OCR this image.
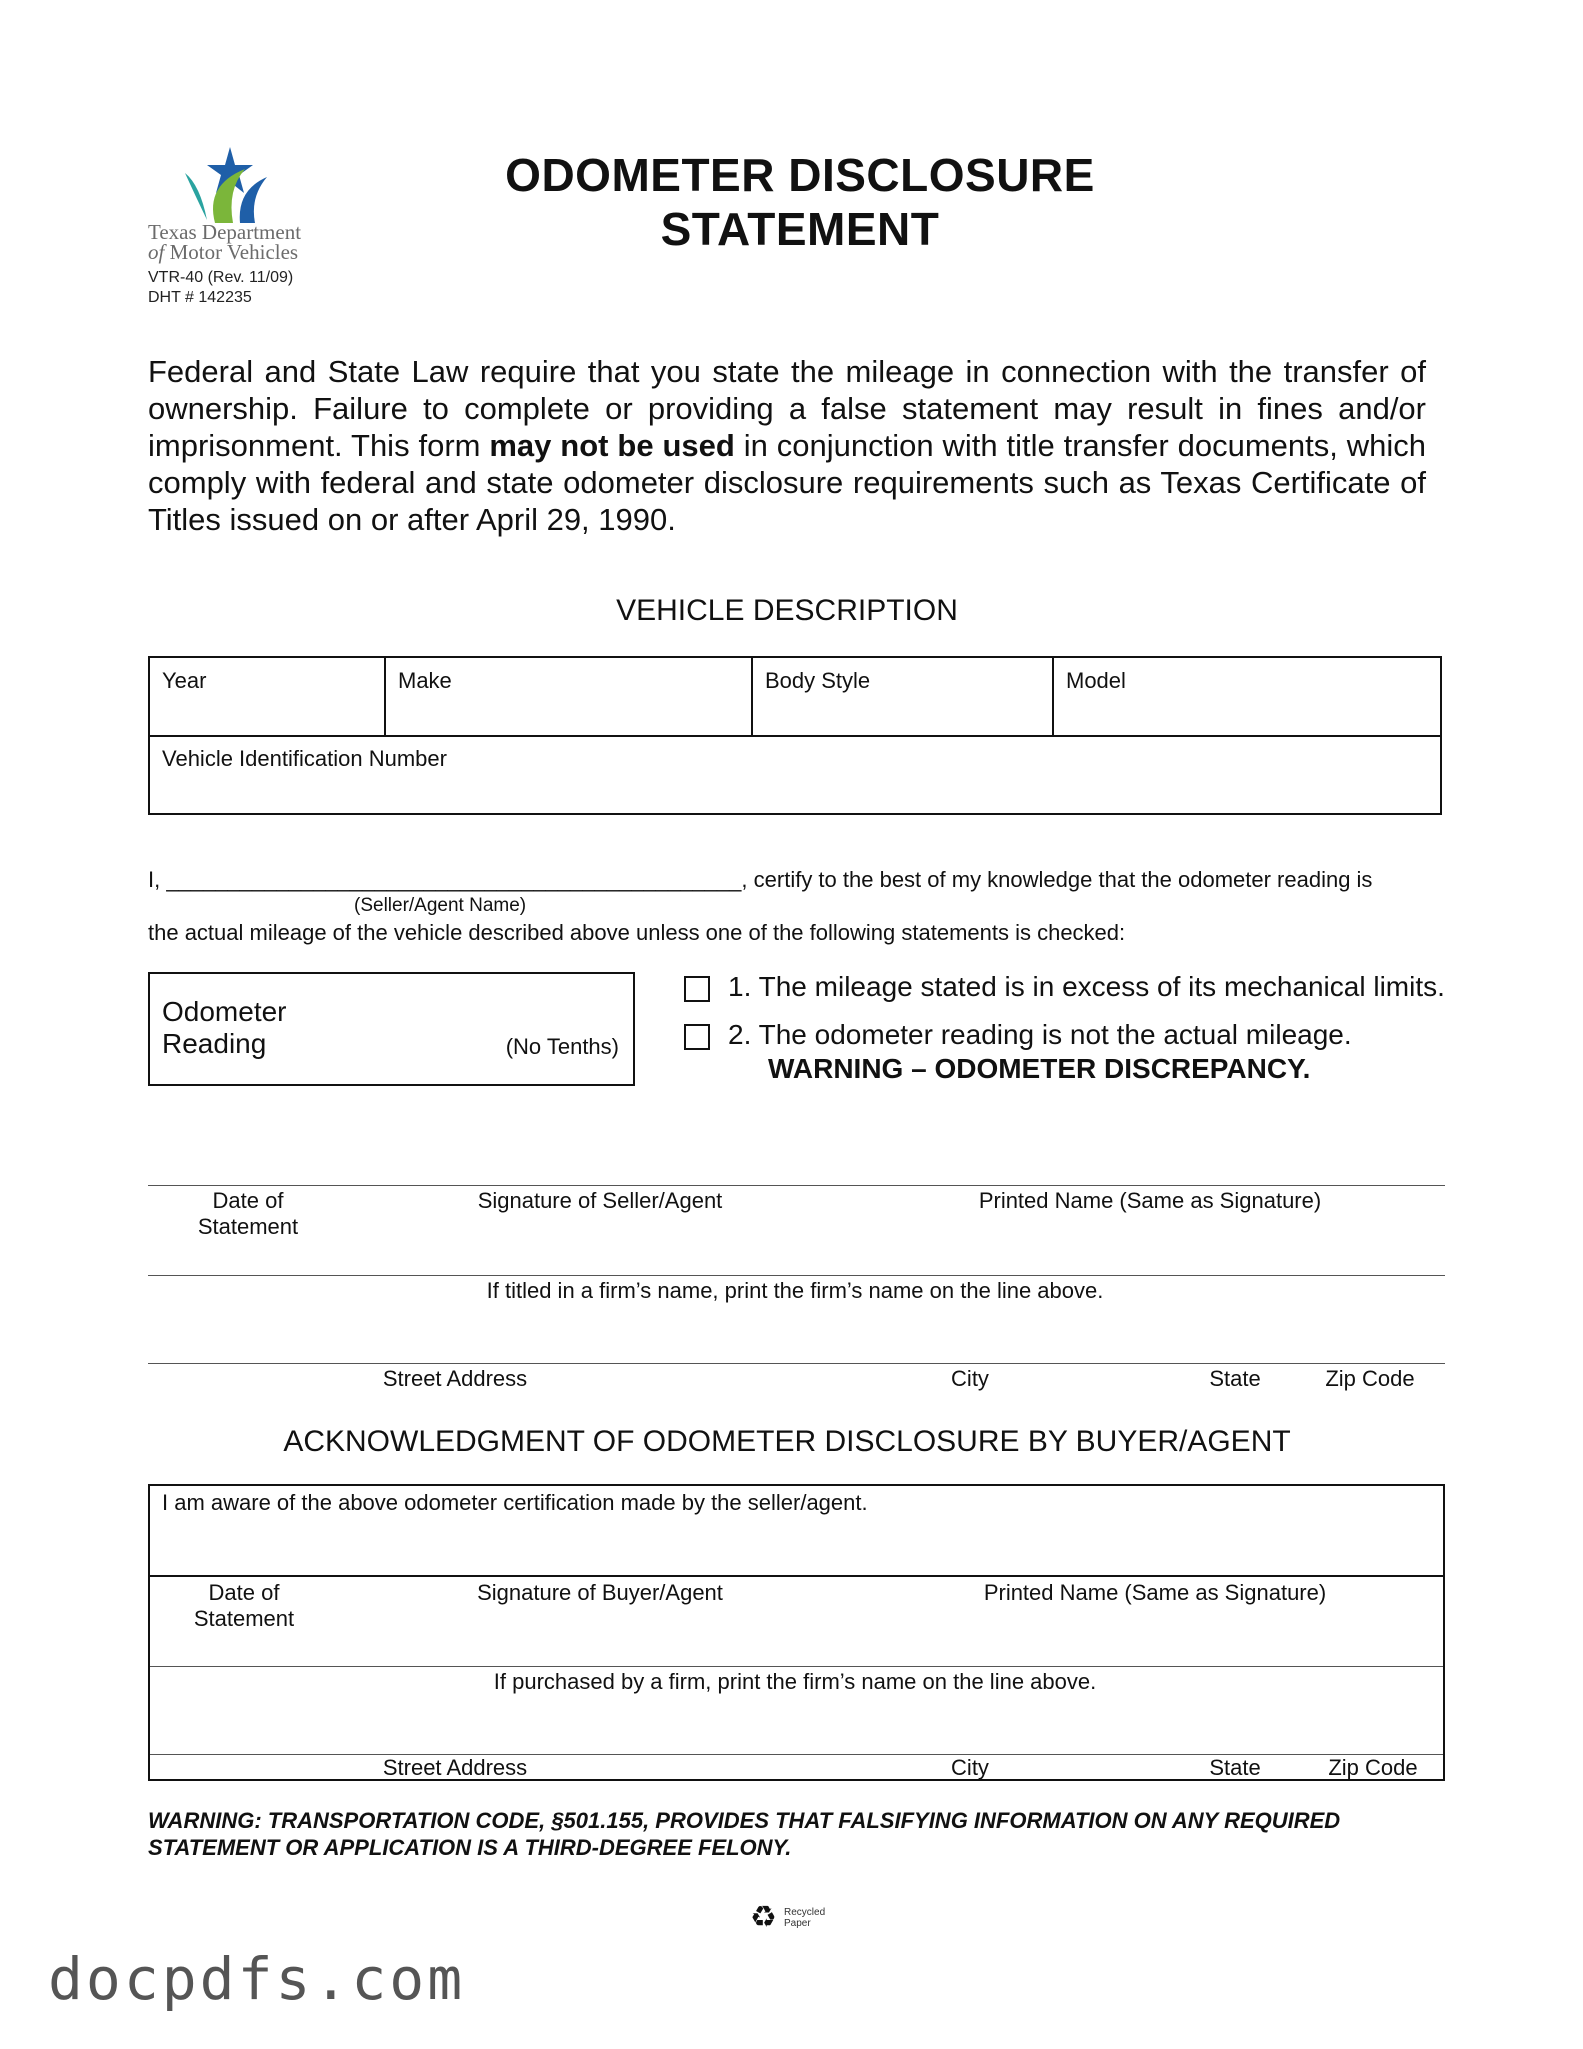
Texas Department
of Motor Vehicles
VTR-40 (Rev. 11/09)
DHT # 142235
ODOMETER DISCLOSURE
STATEMENT
Federal and State Law require that you state the mileage in connection with the transfer of ownership. Failure to complete or providing a false statement may result in fines and/or imprisonment. This form may not be used in conjunction with title transfer documents, which comply with federal and state odometer disclosure requirements such as Texas Certificate of Titles issued on or after April 29, 1990.
VEHICLE DESCRIPTION
Year	Make	Body Style	Model
Vehicle Identification Number
I, _______________________________________________, certify to the best of my knowledge that the odometer reading is
(Seller/Agent Name)
the actual mileage of the vehicle described above unless one of the following statements is checked:
Odometer
Reading	(No Tenths)
1. The mileage stated is in excess of its mechanical limits.
2. The odometer reading is not the actual mileage.
WARNING – ODOMETER DISCREPANCY.
Date of
Statement
Signature of Seller/Agent	Printed Name (Same as Signature)
If titled in a firm’s name, print the firm’s name on the line above.
Street Address	City	State	Zip Code
ACKNOWLEDGMENT OF ODOMETER DISCLOSURE BY BUYER/AGENT
I am aware of the above odometer certification made by the seller/agent.
Date of
Statement
Signature of Buyer/Agent	Printed Name (Same as Signature)
If purchased by a firm, print the firm’s name on the line above.
Street Address	City	State	Zip Code
WARNING: TRANSPORTATION CODE, §501.155, PROVIDES THAT FALSIFYING INFORMATION ON ANY REQUIRED
STATEMENT OR APPLICATION IS A THIRD-DEGREE FELONY.
♻ Recycled
Paper
docpdfs.com
